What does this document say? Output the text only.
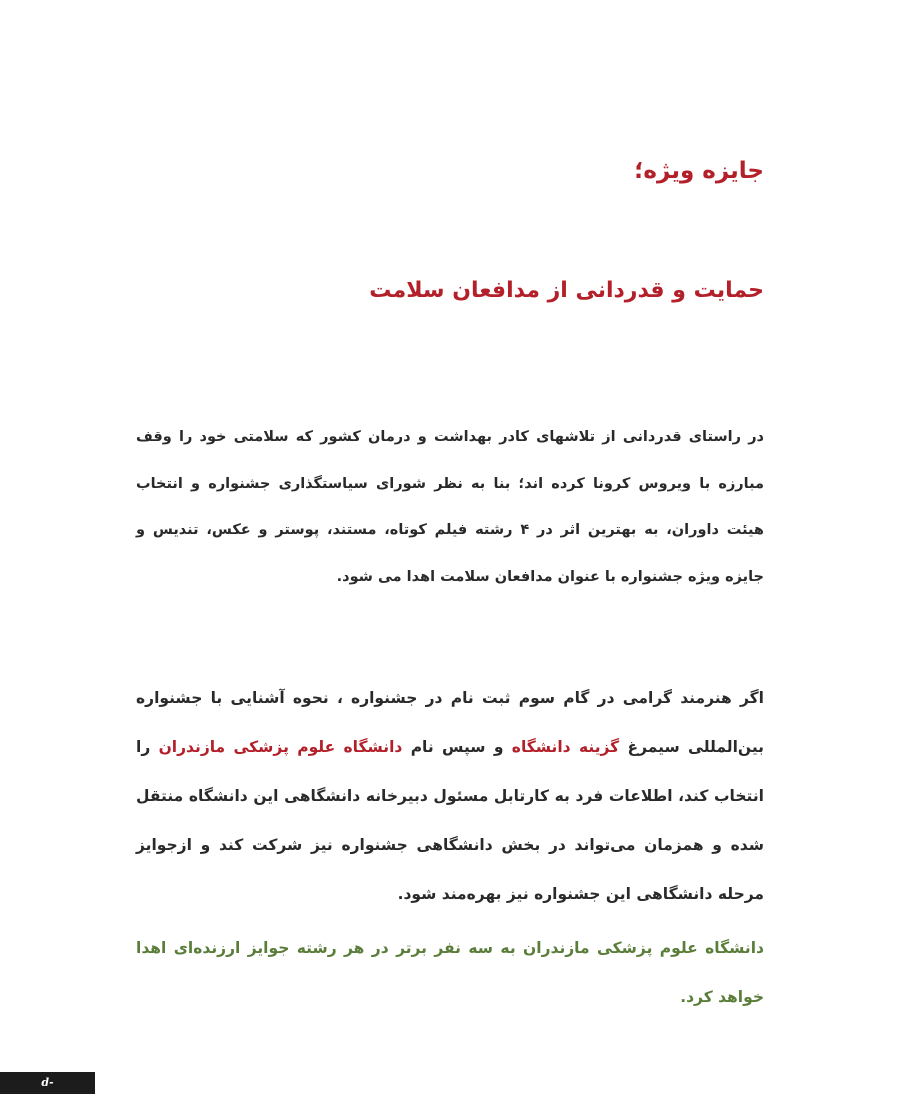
جایزه ویژه؛
حمایت و قدردانی از مدافعان سلامت

در راستای قدردانی از تلاشهای کادر بهداشت و درمان کشور که سلامتی خود را وقف مبارزه با ویروس کرونا کرده اند؛ بنا به نظر شورای سیاستگذاری جشنواره و انتخاب هیئت داوران، به بهترین اثر در ۴ رشته فیلم کوتاه، مستند، پوستر و عکس، تندیس و جایزه ویژه جشنواره با عنوان مدافعان سلامت اهدا می شود.

اگر هنرمند گرامی در گام سوم ثبت نام در جشنواره ، نحوه آشنایی با جشنواره بین‌المللی سیمرغ گزینه دانشگاه و سپس نام دانشگاه علوم پزشکی مازندران را انتخاب کند، اطلاعات فرد به کارتابل مسئول دبیرخانه دانشگاهی این دانشگاه منتقل شده و همزمان می‌تواند در بخش دانشگاهی جشنواره نیز شرکت کند و ازجوایز مرحله دانشگاهی این جشنواره نیز بهره‌مند شود.

دانشگاه علوم پزشکی مازندران به سه نفر برتر در هر رشته جوایز ارزنده‌ای اهدا خواهد کرد.

d-amol.tvu.ac.ir
